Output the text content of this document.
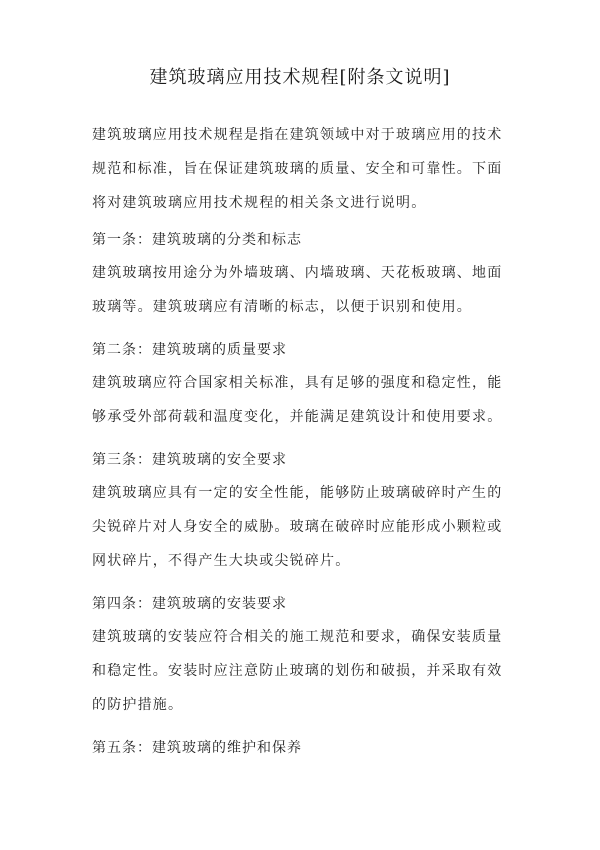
建筑玻璃应用技术规程[附条文说明]

建筑玻璃应用技术规程是指在建筑领域中对于玻璃应用的技术规范和标准，旨在保证建筑玻璃的质量、安全和可靠性。下面将对建筑玻璃应用技术规程的相关条文进行说明。

第一条：建筑玻璃的分类和标志

建筑玻璃按用途分为外墙玻璃、内墙玻璃、天花板玻璃、地面玻璃等。建筑玻璃应有清晰的标志，以便于识别和使用。

第二条：建筑玻璃的质量要求

建筑玻璃应符合国家相关标准，具有足够的强度和稳定性，能够承受外部荷载和温度变化，并能满足建筑设计和使用要求。

第三条：建筑玻璃的安全要求

建筑玻璃应具有一定的安全性能，能够防止玻璃破碎时产生的尖锐碎片对人身安全的威胁。玻璃在破碎时应能形成小颗粒或网状碎片，不得产生大块或尖锐碎片。

第四条：建筑玻璃的安装要求

建筑玻璃的安装应符合相关的施工规范和要求，确保安装质量和稳定性。安装时应注意防止玻璃的划伤和破损，并采取有效的防护措施。

第五条：建筑玻璃的维护和保养
